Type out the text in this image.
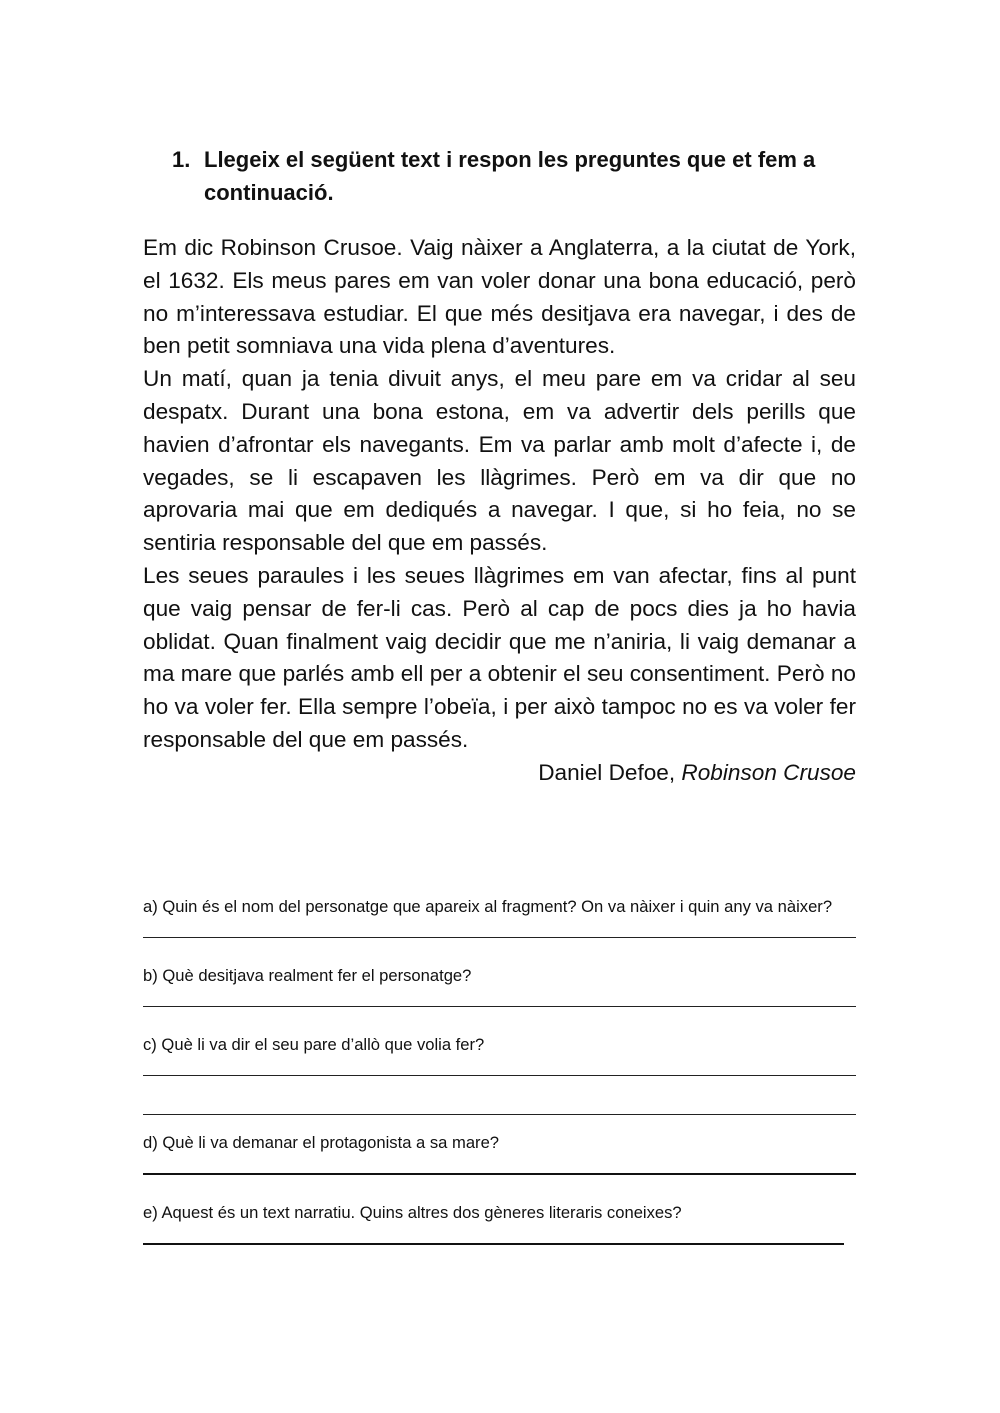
1. Llegeix el següent text i respon les preguntes que et fem a continuació.

Em dic Robinson Crusoe. Vaig nàixer a Anglaterra, a la ciutat de York, el 1632. Els meus pares em van voler donar una bona educació, però no m’interessava estudiar. El que més desitjava era navegar, i des de ben petit somniava una vida plena d’aventures.

Un matí, quan ja tenia divuit anys, el meu pare em va cridar al seu despatx. Durant una bona estona, em va advertir dels perills que havien d’afrontar els navegants. Em va parlar amb molt d’afecte i, de vegades, se li escapaven les llàgrimes. Però em va dir que no aprovaria mai que em dediqués a navegar. I que, si ho feia, no se sentiria responsable del que em passés.

Les seues paraules i les seues llàgrimes em van afectar, fins al punt que vaig pensar de fer-li cas. Però al cap de pocs dies ja ho havia oblidat. Quan finalment vaig decidir que me n’aniria, li vaig demanar a ma mare que parlés amb ell per a obtenir el seu consentiment. Però no ho va voler fer. Ella sempre l’obeïa, i per això tampoc no es va voler fer responsable del que em passés.

Daniel Defoe, Robinson Crusoe

a) Quin és el nom del personatge que apareix al fragment? On va nàixer i quin any va nàixer?

b) Què desitjava realment fer el personatge?

c) Què li va dir el seu pare d’allò que volia fer?

d) Què li va demanar el protagonista a sa mare?

e) Aquest és un text narratiu. Quins altres dos gèneres literaris coneixes?
